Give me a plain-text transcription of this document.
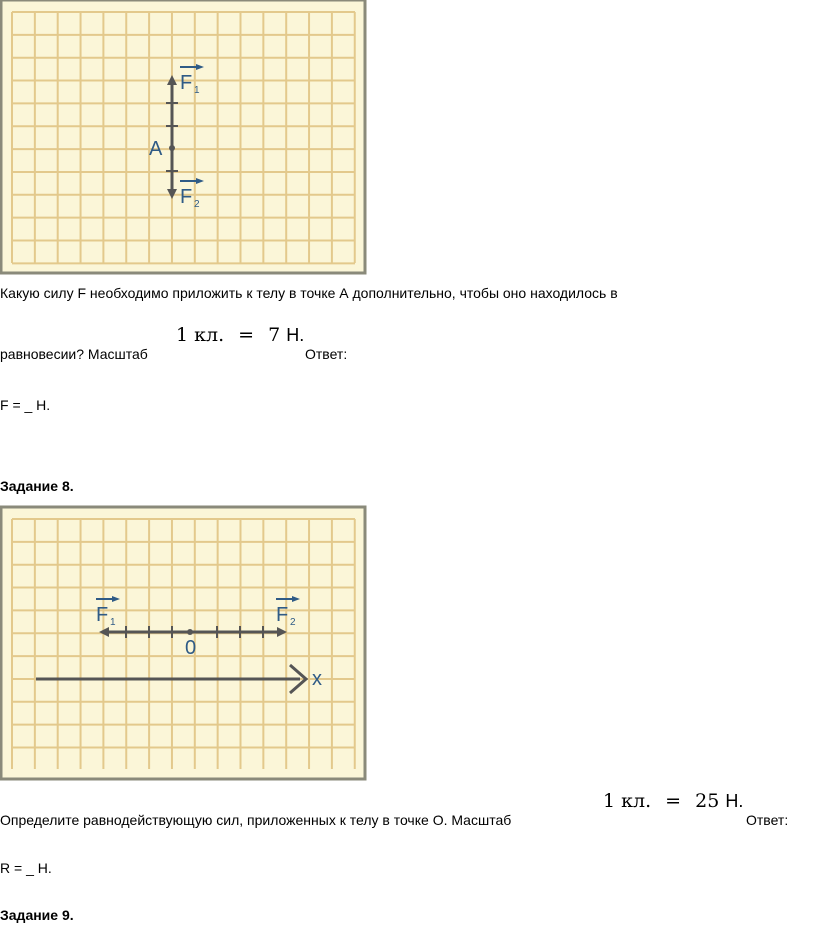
A
F 1
F 2
Какую силу F необходимо приложить к телу в точке А дополнительно, чтобы оно находилось в
равновесии? Масштаб
1 кл. = 7 Н.
Ответ:
F = _ Н.
Задание 8.
0
x
F 1	F 2
Определите равнодействующую сил, приложенных к телу в точке О. Масштаб
1 кл. = 25 Н.
Ответ:
R = _ Н.
Задание 9.
